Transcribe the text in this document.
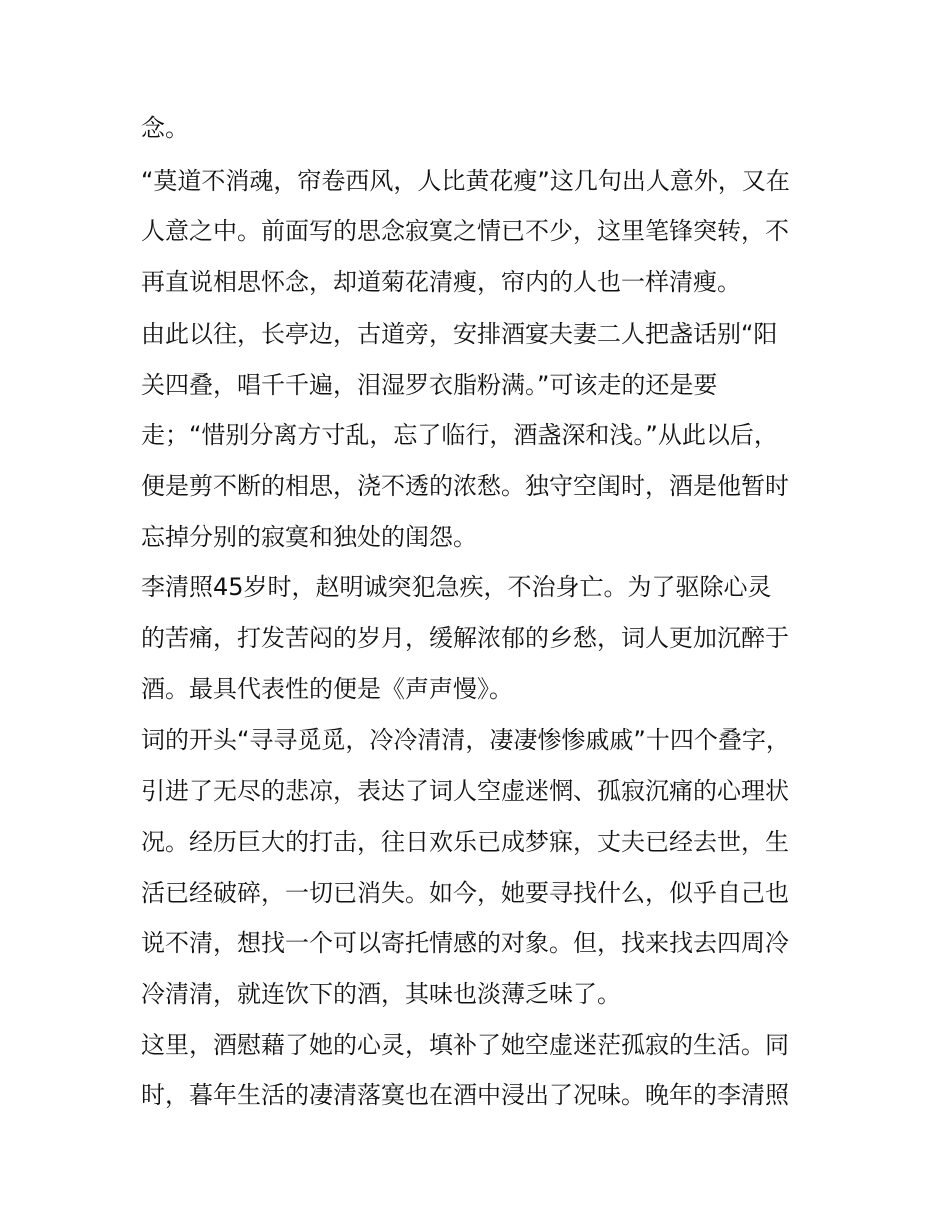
念。

“莫道不消魂，帘卷西风，人比黄花瘦”这几句出人意外，又在

人意之中。前面写的思念寂寞之情已不少，这里笔锋突转，不

再直说相思怀念，却道菊花清瘦，帘内的人也一样清瘦。

由此以往，长亭边，古道旁，安排酒宴夫妻二人把盏话别“阳

关四叠，唱千千遍，泪湿罗衣脂粉满。”可该走的还是要

走；“惜别分离方寸乱，忘了临行，酒盏深和浅。”从此以后，

便是剪不断的相思，浇不透的浓愁。独守空闺时，酒是他暂时

忘掉分别的寂寞和独处的闺怨。

李清照45岁时，赵明诚突犯急疾，不治身亡。为了驱除心灵

的苦痛，打发苦闷的岁月，缓解浓郁的乡愁，词人更加沉醉于

酒。最具代表性的便是《声声慢》。

词的开头“寻寻觅觅，冷冷清清，凄凄惨惨戚戚”十四个叠字，

引进了无尽的悲凉，表达了词人空虚迷惘、孤寂沉痛的心理状

况。经历巨大的打击，往日欢乐已成梦寐，丈夫已经去世，生

活已经破碎，一切已消失。如今，她要寻找什么，似乎自己也

说不清，想找一个可以寄托情感的对象。但，找来找去四周冷

冷清清，就连饮下的酒，其味也淡薄乏味了。

这里，酒慰藉了她的心灵，填补了她空虚迷茫孤寂的生活。同

时，暮年生活的凄清落寞也在酒中浸出了况味。晚年的李清照
